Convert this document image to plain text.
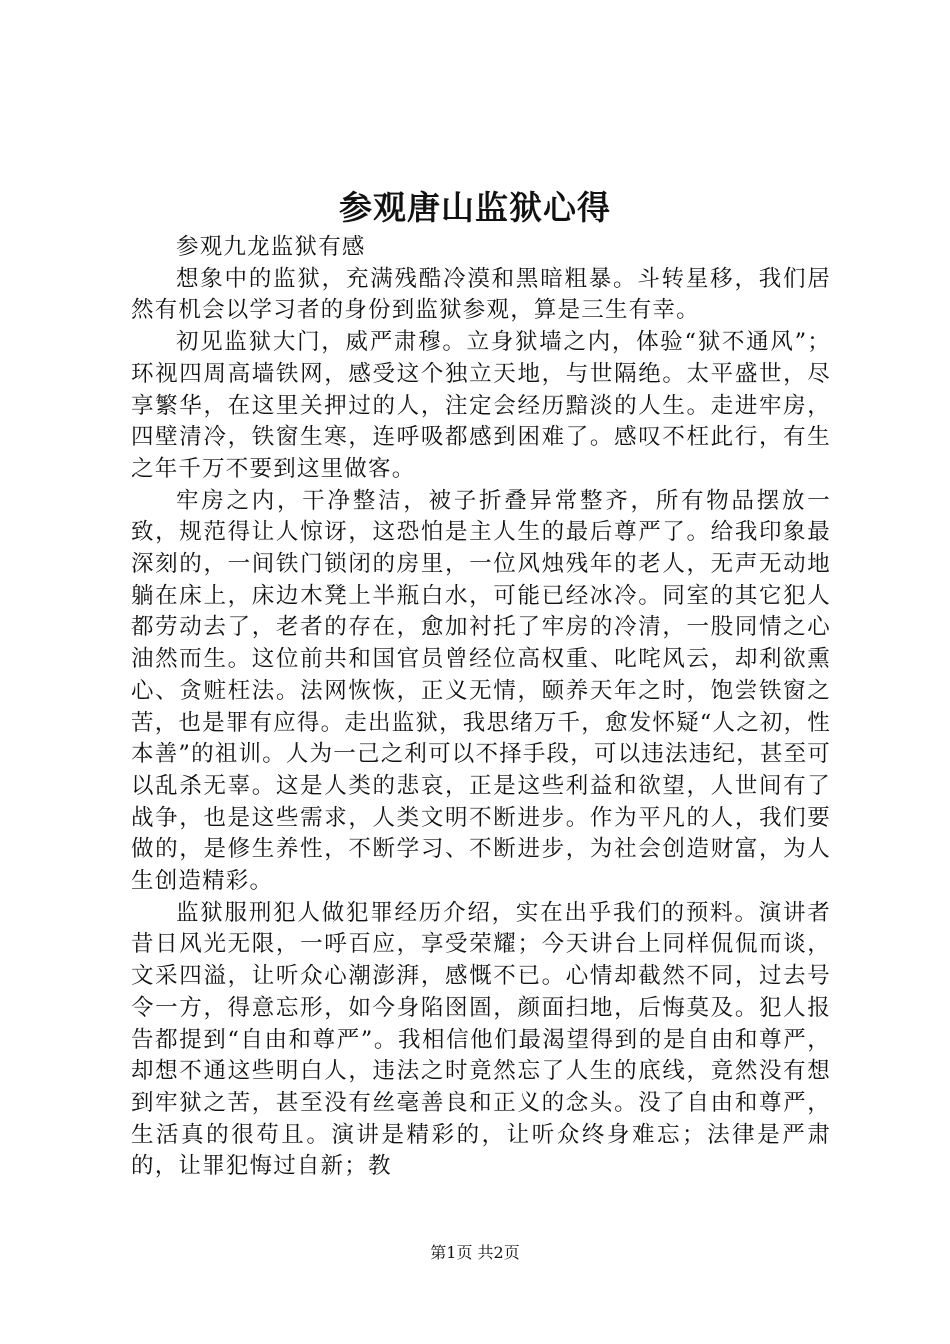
参观唐山监狱心得

参观九龙监狱有感

想象中的监狱，充满残酷冷漠和黑暗粗暴。斗转星移，我们居然有机会以学习者的身份到监狱参观，算是三生有幸。

初见监狱大门，威严肃穆。立身狱墙之内，体验“狱不通风”；环视四周高墙铁网，感受这个独立天地，与世隔绝。太平盛世，尽享繁华，在这里关押过的人，注定会经历黯淡的人生。走进牢房，四壁清冷，铁窗生寒，连呼吸都感到困难了。感叹不枉此行，有生之年千万不要到这里做客。

牢房之内，干净整洁，被子折叠异常整齐，所有物品摆放一致，规范得让人惊讶，这恐怕是主人生的最后尊严了。给我印象最深刻的，一间铁门锁闭的房里，一位风烛残年的老人，无声无动地躺在床上，床边木凳上半瓶白水，可能已经冰冷。同室的其它犯人都劳动去了，老者的存在，愈加衬托了牢房的冷清，一股同情之心油然而生。这位前共和国官员曾经位高权重、叱咤风云，却利欲熏心、贪赃枉法。法网恢恢，正义无情，颐养天年之时，饱尝铁窗之苦，也是罪有应得。走出监狱，我思绪万千，愈发怀疑“人之初，性本善”的祖训。人为一己之利可以不择手段，可以违法违纪，甚至可以乱杀无辜。这是人类的悲哀，正是这些利益和欲望，人世间有了战争，也是这些需求，人类文明不断进步。作为平凡的人，我们要做的，是修生养性，不断学习、不断进步，为社会创造财富，为人生创造精彩。

监狱服刑犯人做犯罪经历介绍，实在出乎我们的预料。演讲者昔日风光无限，一呼百应，享受荣耀；今天讲台上同样侃侃而谈，文采四溢，让听众心潮澎湃，感慨不已。心情却截然不同，过去号令一方，得意忘形，如今身陷囹圄，颜面扫地，后悔莫及。犯人报告都提到“自由和尊严”。我相信他们最渴望得到的是自由和尊严，却想不通这些明白人，违法之时竟然忘了人生的底线，竟然没有想到牢狱之苦，甚至没有丝毫善良和正义的念头。没了自由和尊严，生活真的很苟且。演讲是精彩的，让听众终身难忘；法律是严肃的，让罪犯悔过自新；教

第1页 共2页
